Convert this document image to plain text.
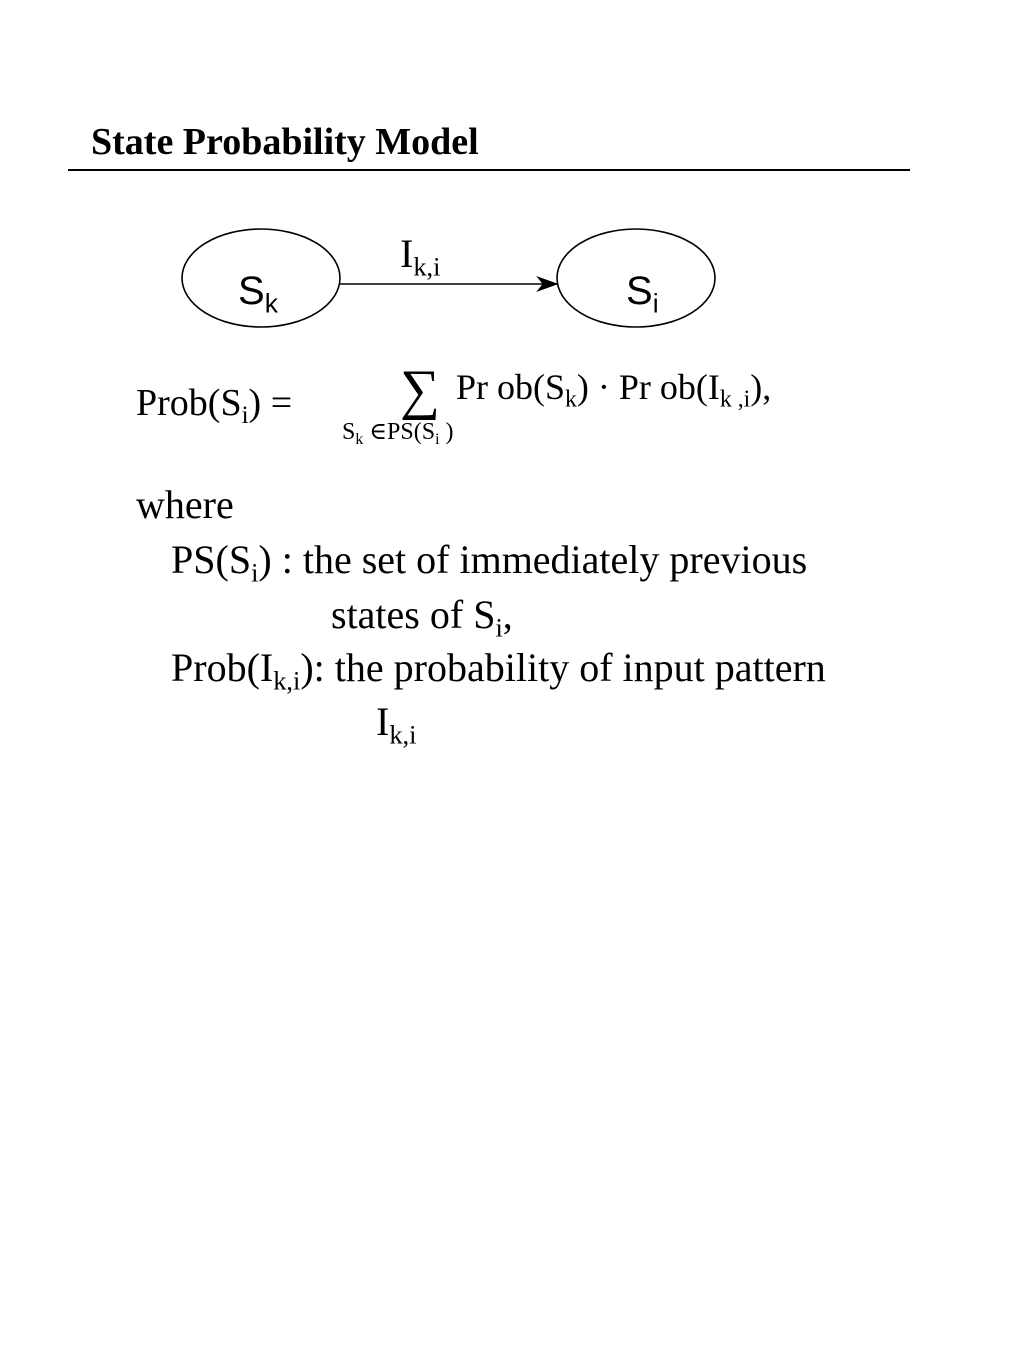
State Probability Model
$S_k$	$S_i$
$I_{k,i}$
$Prob(S_i)$ = ∑ Pr $ob(S_k) \cdot Pr$ $ob(I_{k ,i})$,
$S_k$ $\in PS(S_i$ )
where
$PS(S_i)$ : the set of immediately previous
states of $S_i$,
$Prob(I_{k,i})$: the probability of input pattern
$I_{k,i}$
